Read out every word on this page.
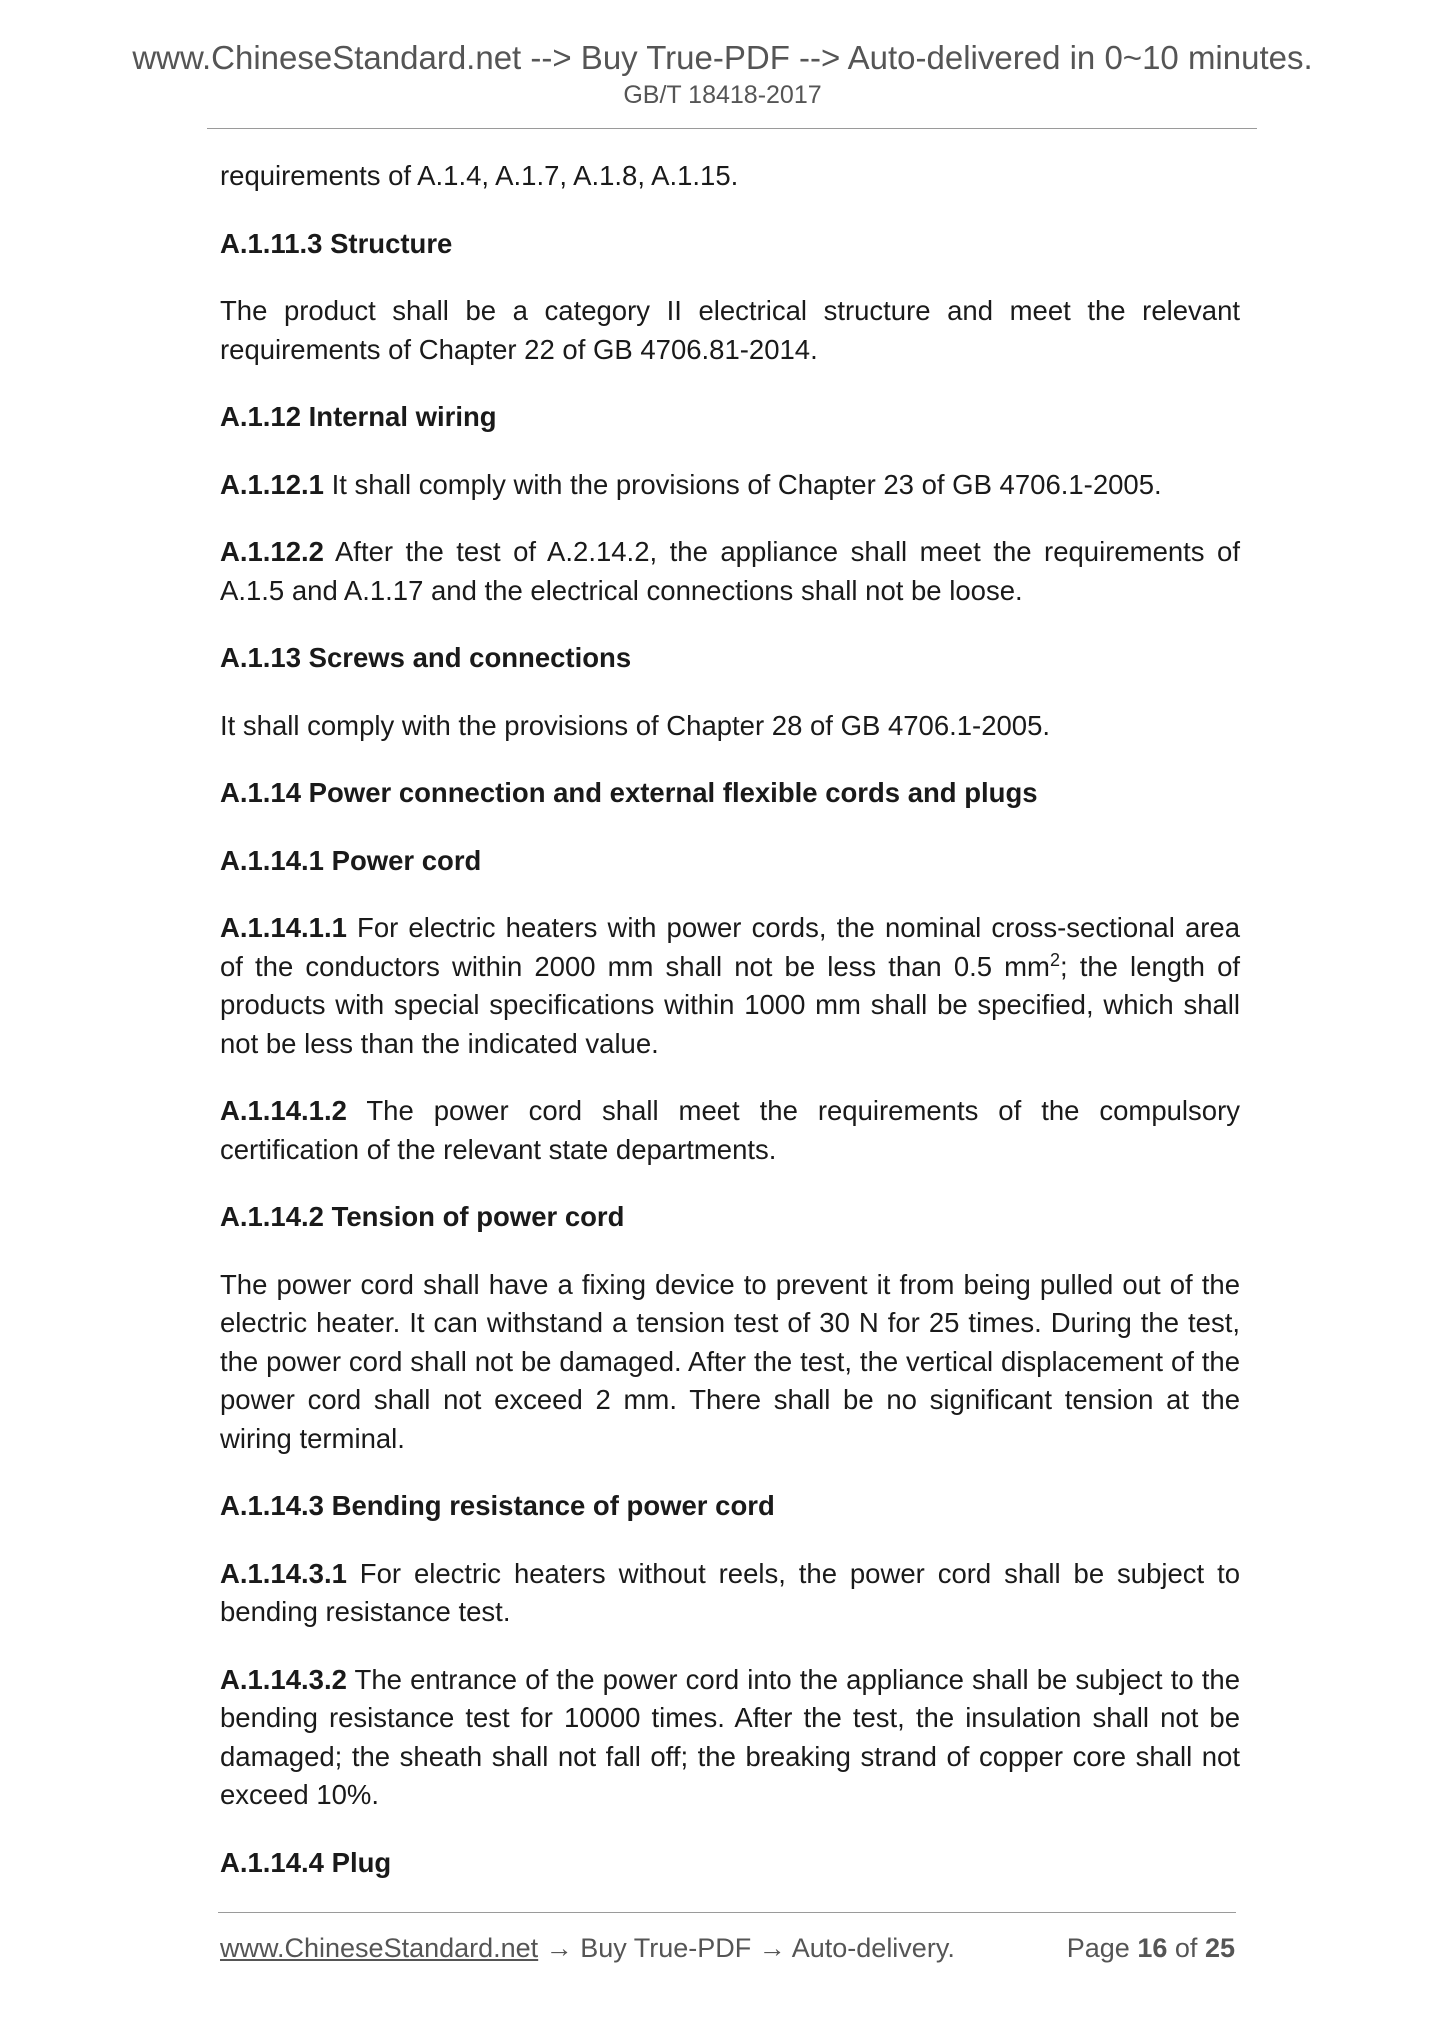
www.ChineseStandard.net --> Buy True-PDF --> Auto-delivered in 0~10 minutes.
GB/T 18418-2017

requirements of A.1.4, A.1.7, A.1.8, A.1.15.

A.1.11.3 Structure

The product shall be a category II electrical structure and meet the relevant requirements of Chapter 22 of GB 4706.81-2014.

A.1.12 Internal wiring

A.1.12.1 It shall comply with the provisions of Chapter 23 of GB 4706.1-2005.

A.1.12.2 After the test of A.2.14.2, the appliance shall meet the requirements of A.1.5 and A.1.17 and the electrical connections shall not be loose.

A.1.13 Screws and connections

It shall comply with the provisions of Chapter 28 of GB 4706.1-2005.

A.1.14 Power connection and external flexible cords and plugs
A.1.14.1 Power cord

A.1.14.1.1 For electric heaters with power cords, the nominal cross-sectional area of the conductors within 2000 mm shall not be less than 0.5 $mm^2$; the length of products with special specifications within 1000 mm shall be specified, which shall not be less than the indicated value.

A.1.14.1.2 The power cord shall meet the requirements of the compulsory certification of the relevant state departments.

A.1.14.2 Tension of power cord

The power cord shall have a fixing device to prevent it from being pulled out of the electric heater. It can withstand a tension test of 30 N for 25 times. During the test, the power cord shall not be damaged. After the test, the vertical displacement of the power cord shall not exceed 2 mm. There shall be no significant tension at the wiring terminal.

A.1.14.3 Bending resistance of power cord

A.1.14.3.1 For electric heaters without reels, the power cord shall be subject to bending resistance test.

A.1.14.3.2 The entrance of the power cord into the appliance shall be subject to the bending resistance test for 10000 times. After the test, the insulation shall not be damaged; the sheath shall not fall off; the breaking strand of copper core shall not exceed 10%.

A.1.14.4 Plug
www.ChineseStandard.net → Buy True-PDF → Auto-delivery.	Page 16 of 25
